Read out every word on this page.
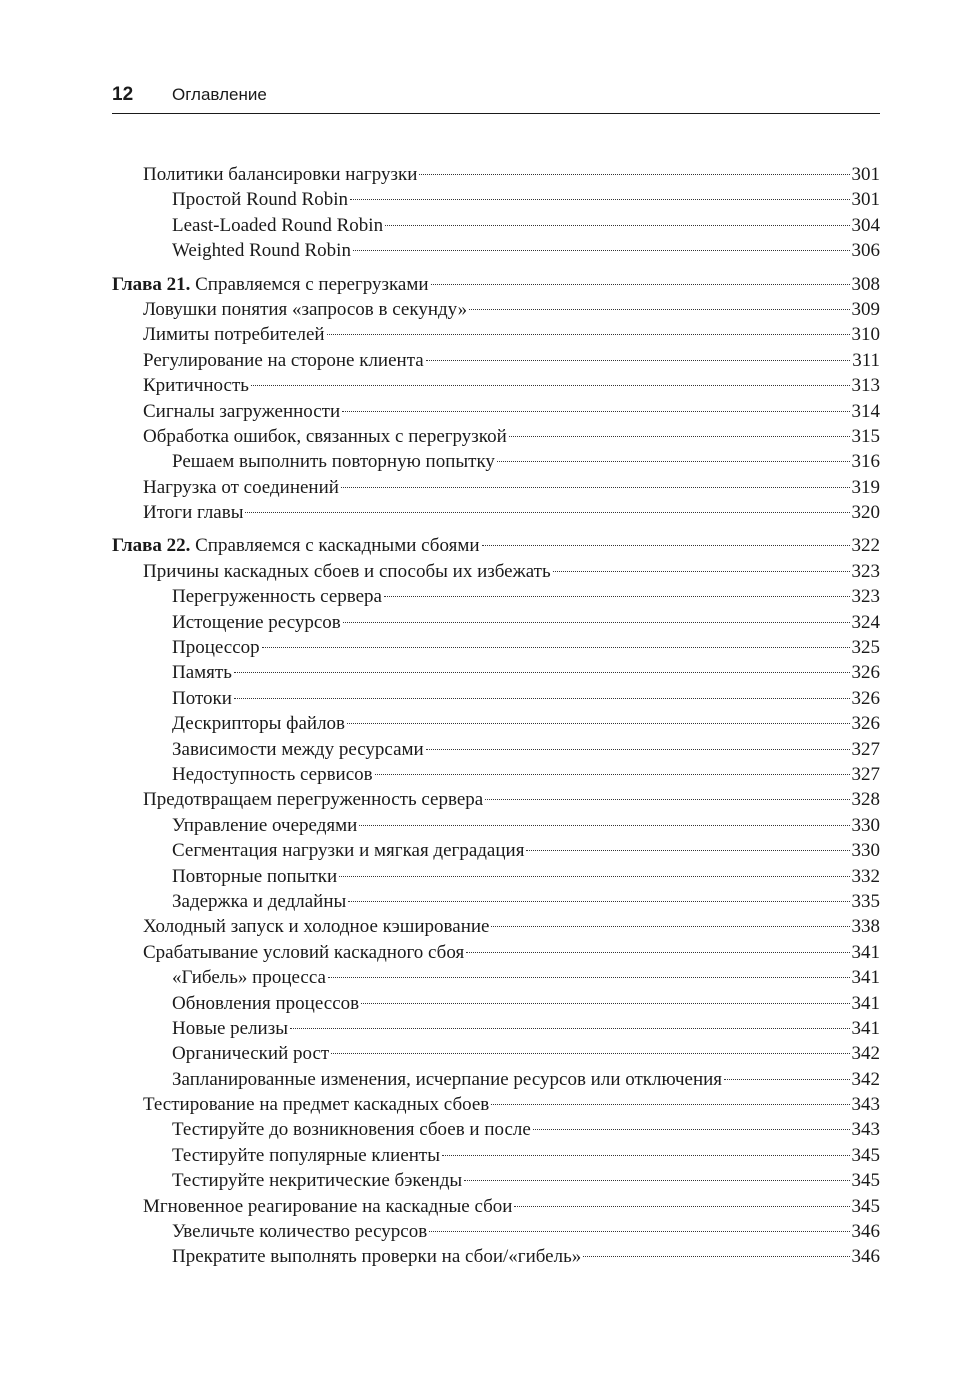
12 Оглавление
Политики балансировки нагрузки	301
Простой Round Robin	301
Least-Loaded Round Robin	304
Weighted Round Robin	306
Глава 21. Справляемся с перегрузками	308
Ловушки понятия «запросов в секунду»	309
Лимиты потребителей	310
Регулирование на стороне клиента	311
Критичность	313
Сигналы загруженности	314
Обработка ошибок, связанных с перегрузкой	315
Решаем выполнить повторную попытку	316
Нагрузка от соединений	319
Итоги главы	320
Глава 22. Справляемся с каскадными сбоями	322
Причины каскадных сбоев и способы их избежать	323
Перегруженность сервера	323
Истощение ресурсов	324
Процессор	325
Память	326
Потоки	326
Дескрипторы файлов	326
Зависимости между ресурсами	327
Недоступность сервисов	327
Предотвращаем перегруженность сервера	328
Управление очередями	330
Сегментация нагрузки и мягкая деградация	330
Повторные попытки	332
Задержка и дедлайны	335
Холодный запуск и холодное кэширование	338
Срабатывание условий каскадного сбоя	341
«Гибель» процесса	341
Обновления процессов	341
Новые релизы	341
Органический рост	342
Запланированные изменения, исчерпание ресурсов или отключения	342
Тестирование на предмет каскадных сбоев	343
Тестируйте до возникновения сбоев и после	343
Тестируйте популярные клиенты	345
Тестируйте некритические бэкенды	345
Мгновенное реагирование на каскадные сбои	345
Увеличьте количество ресурсов	346
Прекратите выполнять проверки на сбои/«гибель»	346
